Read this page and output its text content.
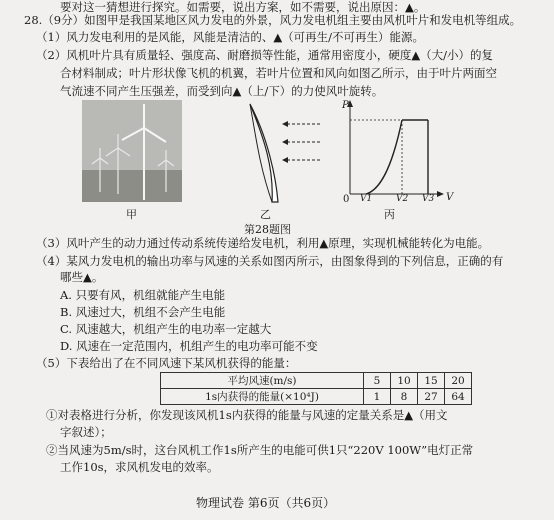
要对这一猜想进行探究。如需要，说出方案，如不需要，说出原因：▲。
28.（9分）如图甲是我国某地区风力发电的外景，风力发电机组主要由风机叶片和发电机等组成。
（1）风力发电利用的是风能，风能是清洁的、▲（可再生/不可再生）能源。
（2）风机叶片具有质量轻、强度高、耐磨损等性能，通常用密度小，硬度▲（大/小）的复
合材料制成；叶片形状像飞机的机翼，若叶片位置和风向如图乙所示，由于叶片两面空
气流速不同产生压强差，而受到向▲（上/下）的力使风叶旋转。
P
V
0 V1	V2 V3
甲	乙	丙
第28题图
（3）风叶产生的动力通过传动系统传递给发电机，利用▲原理，实现机械能转化为电能。
（4）某风力发电机的输出功率与风速的关系如图丙所示，由图象得到的下列信息，正确的有
哪些▲。
A. 只要有风，机组就能产生电能
B. 风速过大，机组不会产生电能
C. 风速越大，机组产生的电功率一定越大
D. 风速在一定范围内，机组产生的电功率可能不变
（5）下表给出了在不同风速下某风机获得的能量：
平均风速(m/s)	5	10	15	20
1s内获得的能量(×10⁴J)	1	8	27	64
①对表格进行分析，你发现该风机1s内获得的能量与风速的定量关系是▲（用文
字叙述）；
②当风速为5m/s时，这台风机工作1s所产生的电能可供1只“220V 100W”电灯正常
工作10s，求风机发电的效率。
物理试卷 第6页（共6页）
